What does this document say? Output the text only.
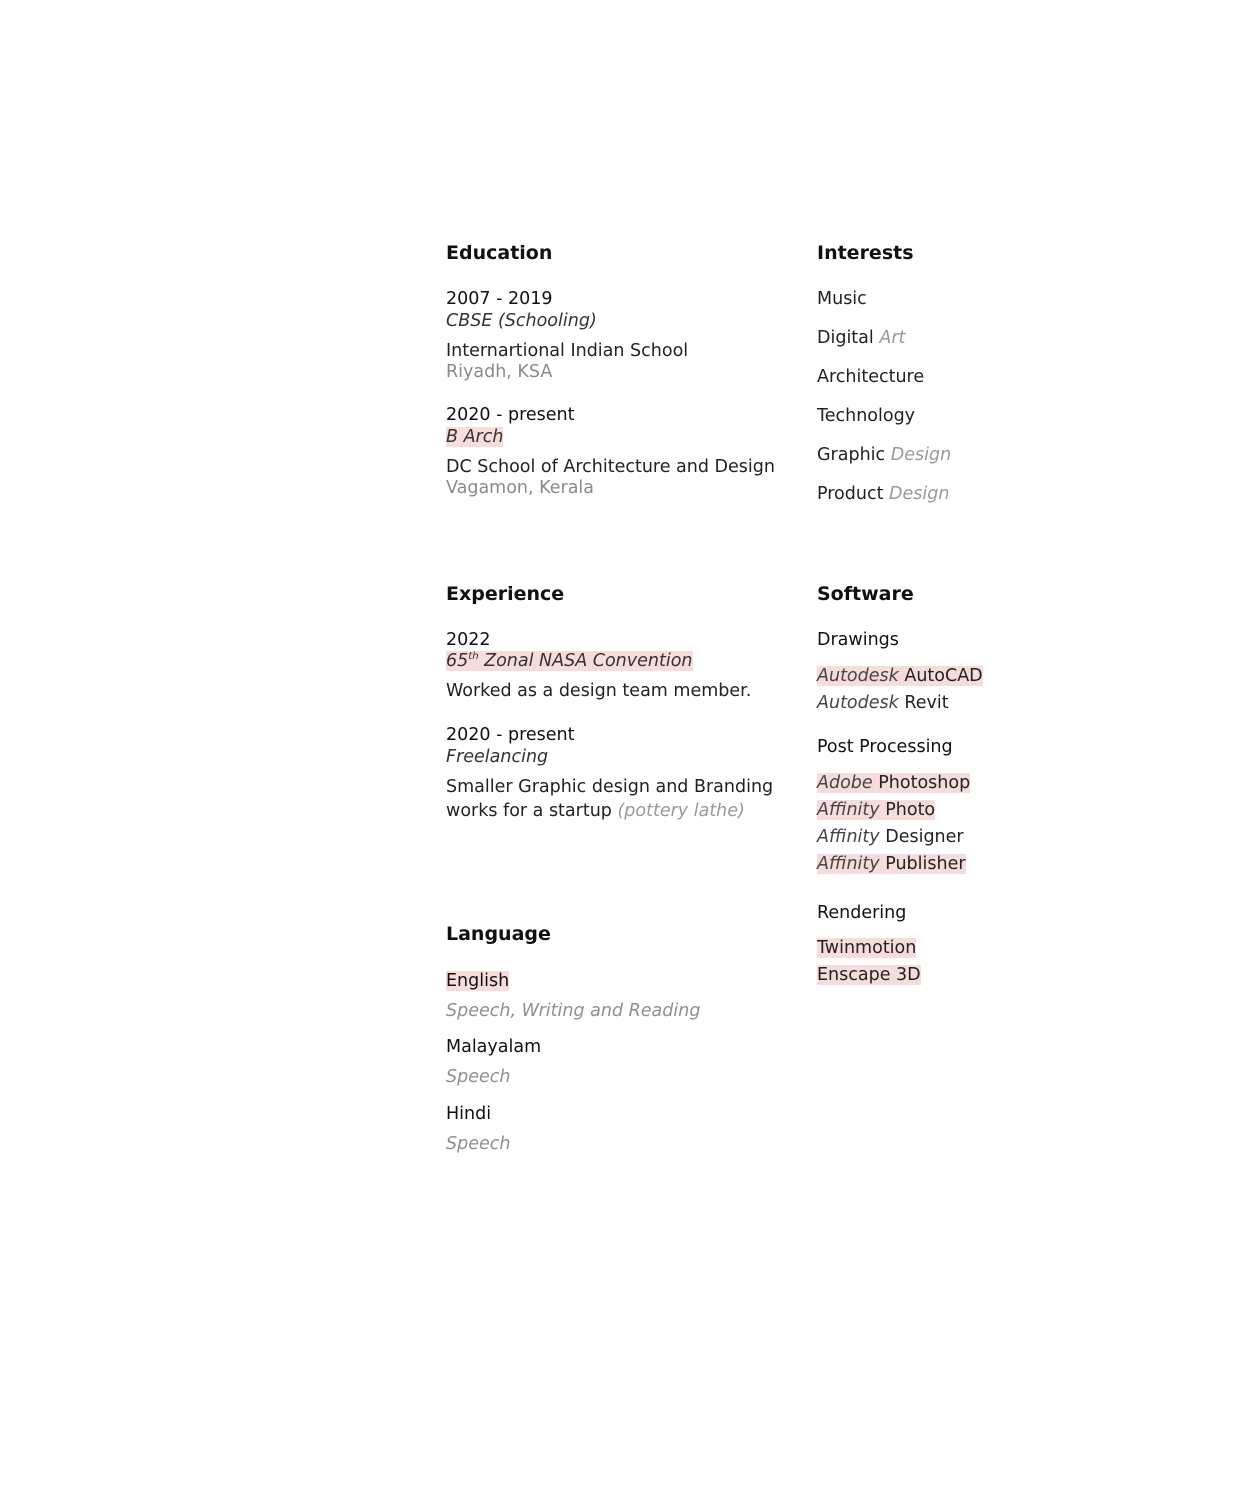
Education
2007 - 2019
CBSE (Schooling)
Internartional Indian School
Riyadh, KSA
2020 - present
B Arch
DC School of Architecture and Design
Vagamon, Kerala
Interests
Music
Digital Art
Architecture
Technology
Graphic Design
Product Design
Experience
2022
65th Zonal NASA Convention
Worked as a design team member.
2020 - present
Freelancing
Smaller Graphic design and Branding
works for a startup (pottery lathe)
Software
Drawings
Autodesk AutoCAD
Autodesk Revit
Post Processing
Adobe Photoshop
Affinity Photo
Affinity Designer
Affinity Publisher
Rendering
Twinmotion
Enscape 3D
Language
English
Speech, Writing and Reading
Malayalam
Speech
Hindi
Speech
